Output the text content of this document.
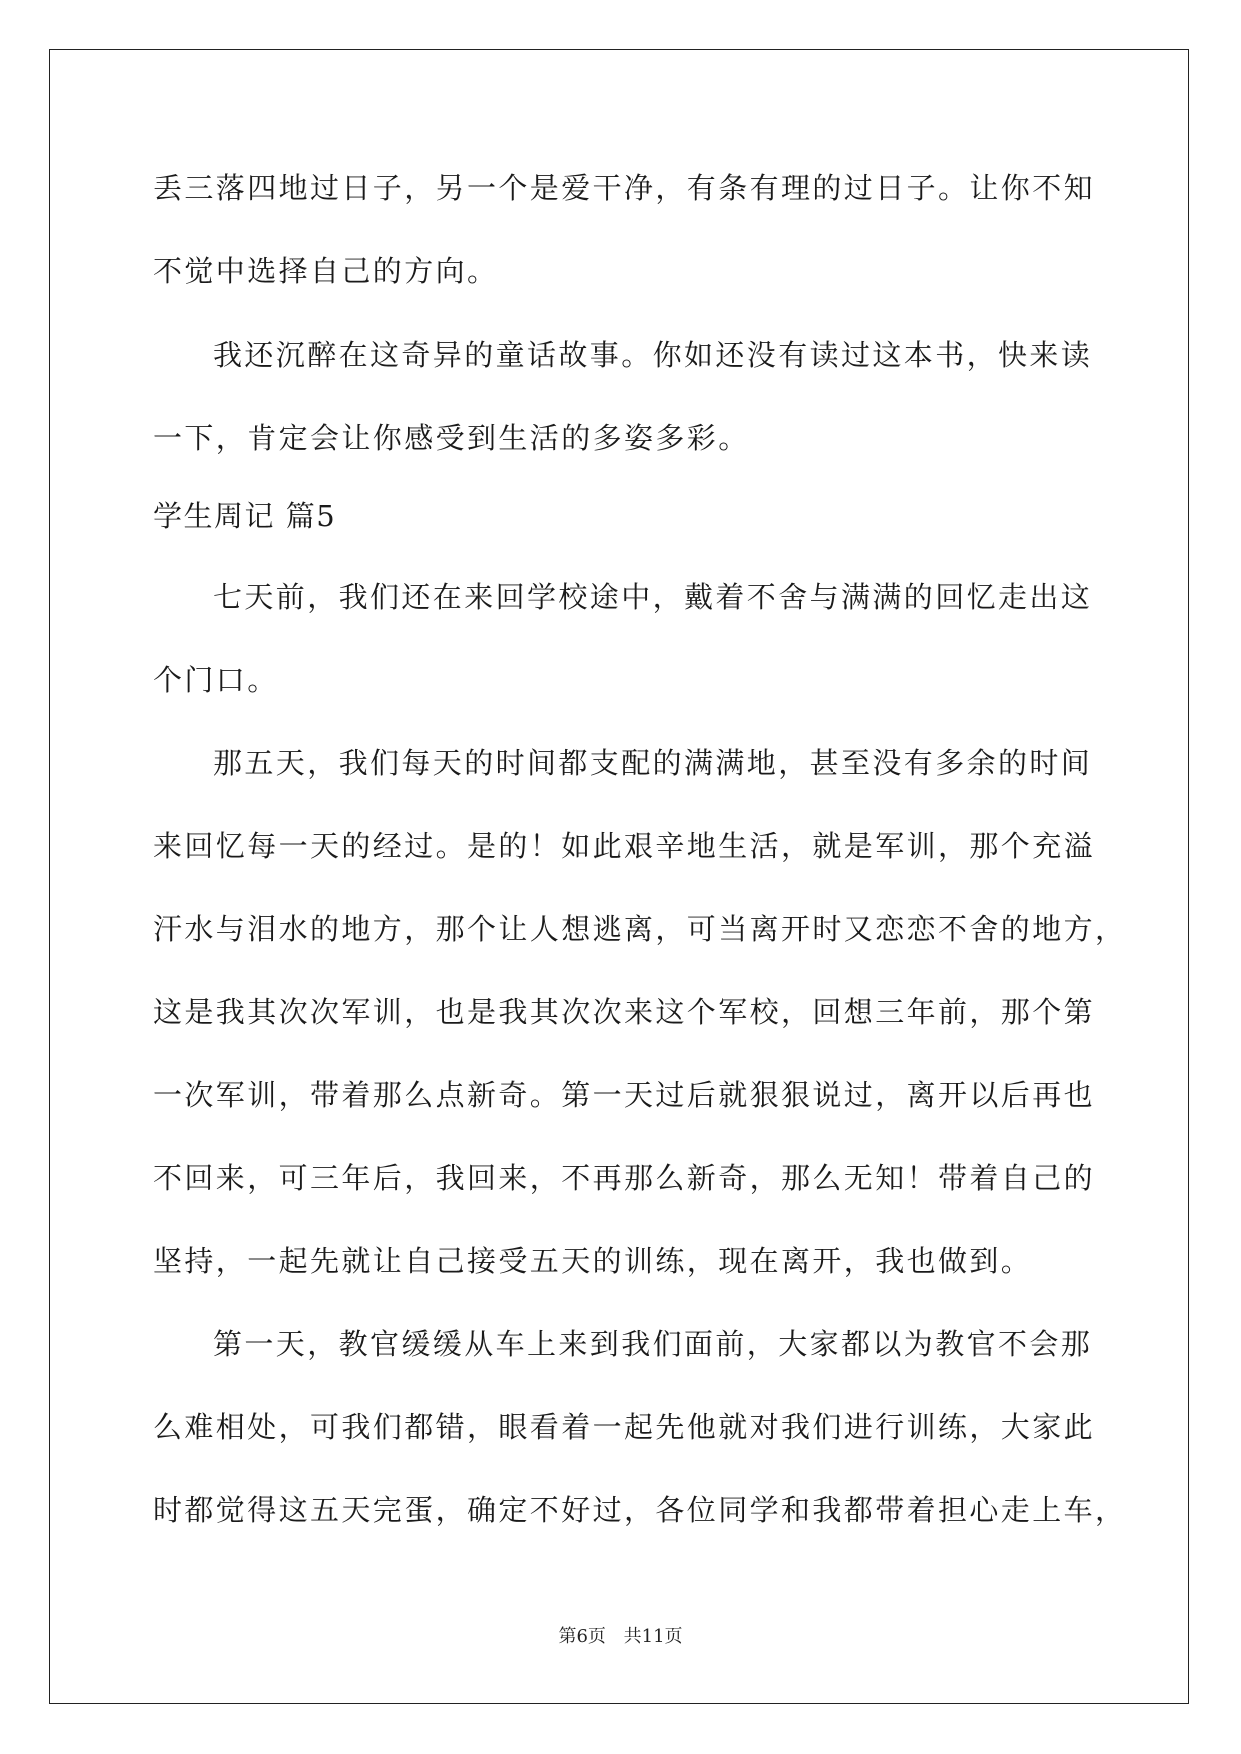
丢三落四地过日子，另一个是爱干净，有条有理的过日子。让你不知
不觉中选择自己的方向。
我还沉醉在这奇异的童话故事。你如还没有读过这本书，快来读
一下，肯定会让你感受到生活的多姿多彩。
学生周记 篇5
七天前，我们还在来回学校途中，戴着不舍与满满的回忆走出这
个门口。
那五天，我们每天的时间都支配的满满地，甚至没有多余的时间
来回忆每一天的经过。是的！如此艰辛地生活，就是军训，那个充溢
汗水与泪水的地方，那个让人想逃离，可当离开时又恋恋不舍的地方，
这是我其次次军训，也是我其次次来这个军校，回想三年前，那个第
一次军训，带着那么点新奇。第一天过后就狠狠说过，离开以后再也
不回来，可三年后，我回来，不再那么新奇，那么无知！带着自己的
坚持，一起先就让自己接受五天的训练，现在离开，我也做到。
第一天，教官缓缓从车上来到我们面前，大家都以为教官不会那
么难相处，可我们都错，眼看着一起先他就对我们进行训练，大家此
时都觉得这五天完蛋，确定不好过，各位同学和我都带着担心走上车，
第6页 共11页
